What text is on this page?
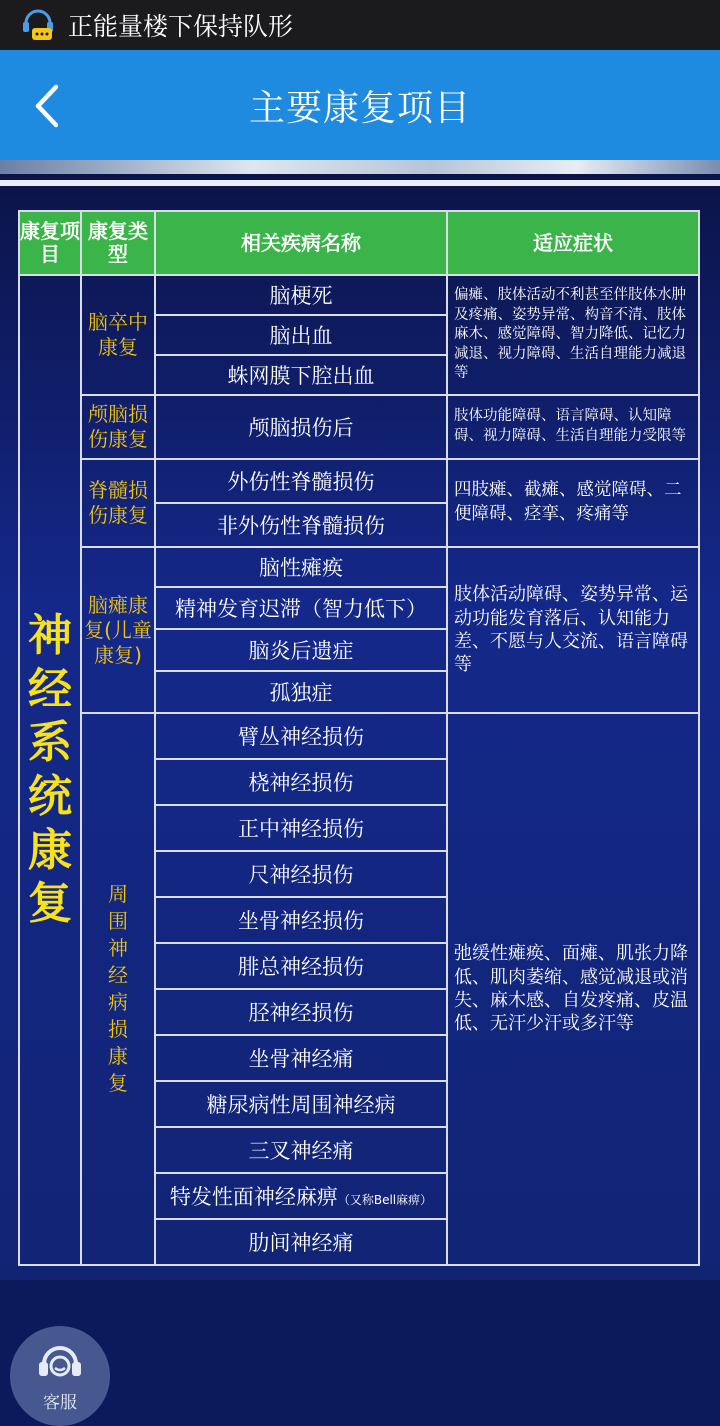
正能量楼下保持队形
主要康复项目
康复项目	康复类型	相关疾病名称	适应症状
神经系统康复	脑卒中康复	脑梗死	偏瘫、肢体活动不利甚至伴肢体水肿及疼痛、姿势异常、构音不清、肢体麻木、感觉障碍、智力降低、记忆力减退、视力障碍、生活自理能力减退等
		脑出血	
		蛛网膜下腔出血	
	颅脑损伤康复	颅脑损伤后	肢体功能障碍、语言障碍、认知障碍、视力障碍、生活自理能力受限等
	脊髓损伤康复	外伤性脊髓损伤	四肢瘫、截瘫、感觉障碍、二便障碍、痉挛、疼痛等
		非外伤性脊髓损伤	
	脑瘫康复(儿童康复)	脑性瘫痪	肢体活动障碍、姿势异常、运动功能发育落后、认知能力差、不愿与人交流、语言障碍等
		精神发育迟滞（智力低下）	
		脑炎后遗症	
		孤独症	
	周围神经病损康复	臂丛神经损伤	弛缓性瘫痪、面瘫、肌张力降低、肌肉萎缩、感觉减退或消失、麻木感、自发疼痛、皮温低、无汗少汗或多汗等
		桡神经损伤	
		正中神经损伤	
		尺神经损伤	
		坐骨神经损伤	
		腓总神经损伤	
		胫神经损伤	
		坐骨神经痛	
		糖尿病性周围神经病	
		三叉神经痛	
		特发性面神经麻痹（又称Bell麻痹）	
		肋间神经痛	
客服
